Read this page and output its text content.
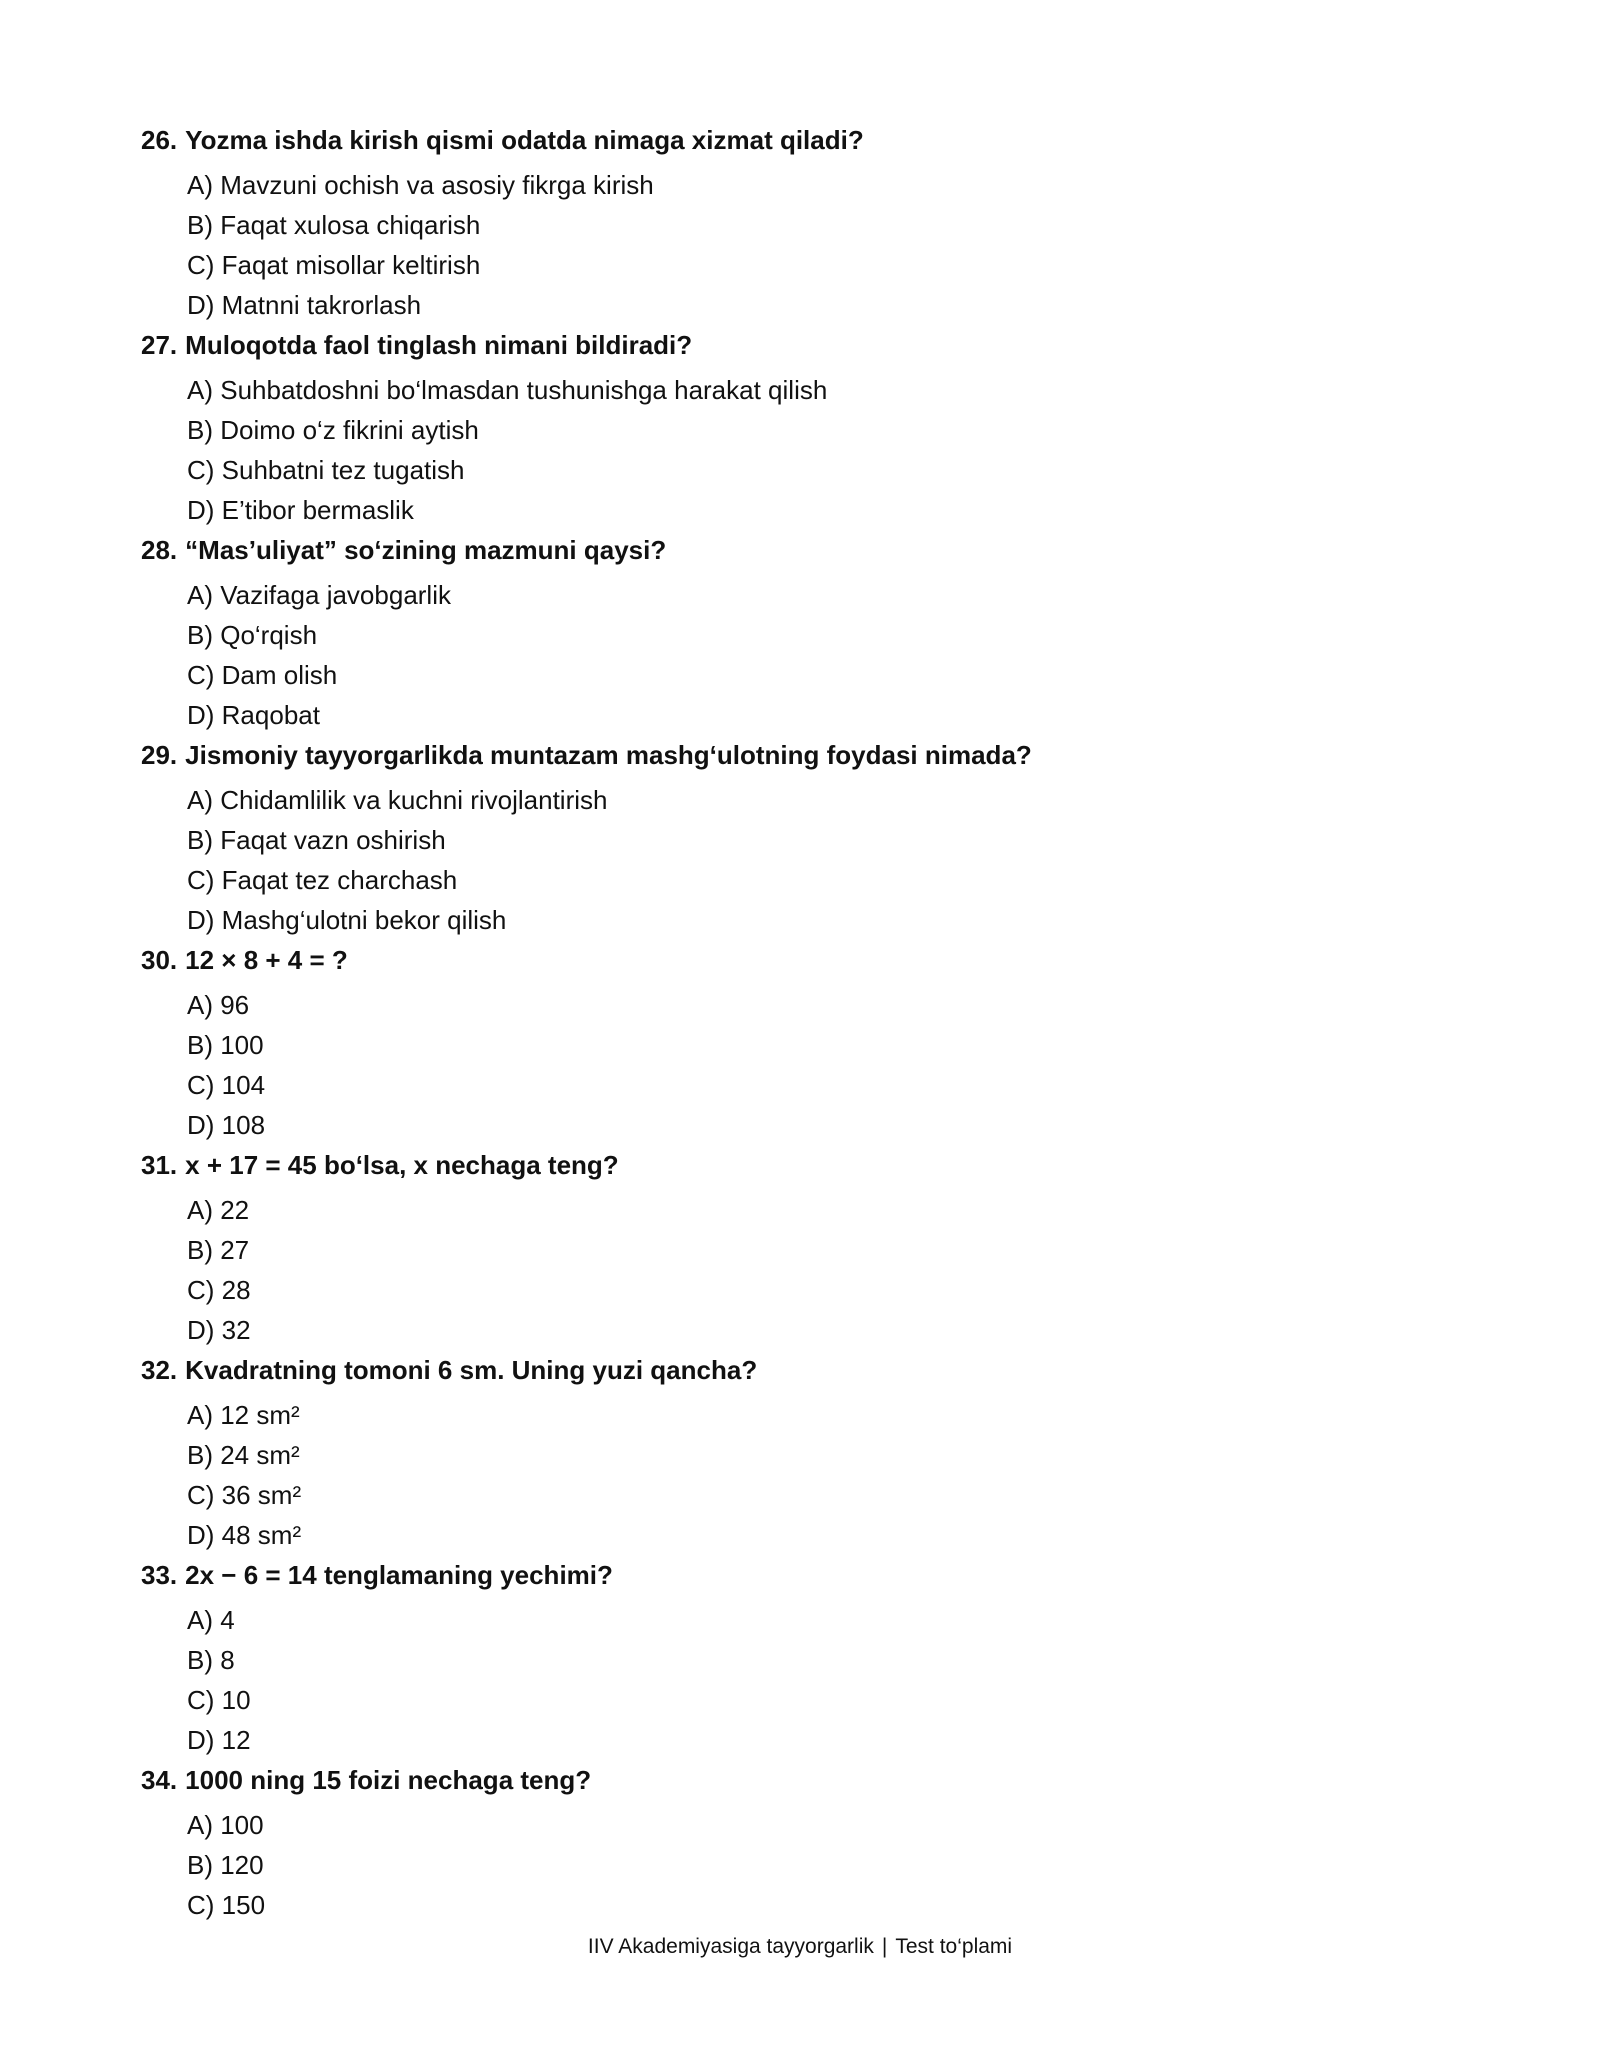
26. Yozma ishda kirish qismi odatda nimaga xizmat qiladi?
A) Mavzuni ochish va asosiy fikrga kirish
B) Faqat xulosa chiqarish
C) Faqat misollar keltirish
D) Matnni takrorlash
27. Muloqotda faol tinglash nimani bildiradi?
A) Suhbatdoshni bo‘lmasdan tushunishga harakat qilish
B) Doimo o‘z fikrini aytish
C) Suhbatni tez tugatish
D) E’tibor bermaslik
28. “Mas’uliyat” so‘zining mazmuni qaysi?
A) Vazifaga javobgarlik
B) Qo‘rqish
C) Dam olish
D) Raqobat
29. Jismoniy tayyorgarlikda muntazam mashg‘ulotning foydasi nimada?
A) Chidamlilik va kuchni rivojlantirish
B) Faqat vazn oshirish
C) Faqat tez charchash
D) Mashg‘ulotni bekor qilish
30. 12 × 8 + 4 = ?
A) 96
B) 100
C) 104
D) 108
31. x + 17 = 45 bo‘lsa, x nechaga teng?
A) 22
B) 27
C) 28
D) 32
32. Kvadratning tomoni 6 sm. Uning yuzi qancha?
A) 12 sm²
B) 24 sm²
C) 36 sm²
D) 48 sm²
33. 2x − 6 = 14 tenglamaning yechimi?
A) 4
B) 8
C) 10
D) 12
34. 1000 ning 15 foizi nechaga teng?
A) 100
B) 120
C) 150
IIV Akademiyasiga tayyorgarlik | Test to‘plami
